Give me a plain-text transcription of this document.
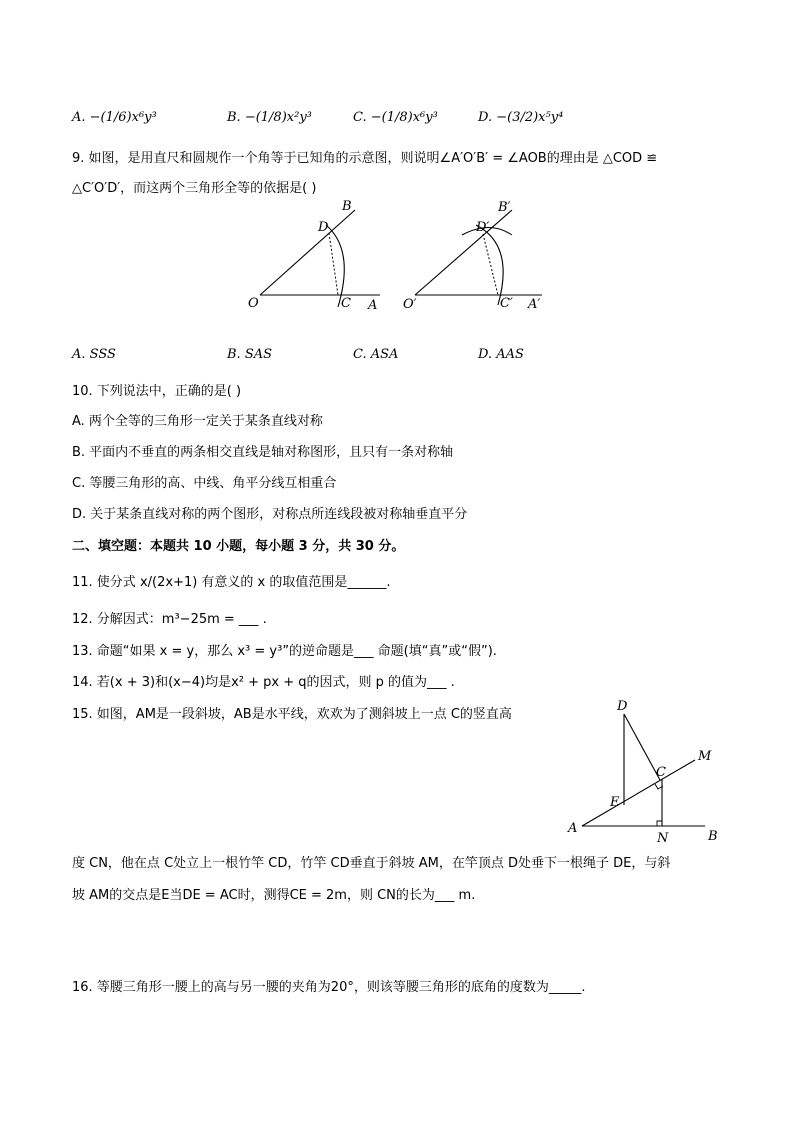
A. −(1/6)x⁶y³	B. −(1/8)x²y³	C. −(1/8)x⁶y³	D. −(3/2)x⁵y⁴
9. 如图，是用直尺和圆规作一个角等于已知角的示意图，则说明∠A′O′B′ = ∠AOB的理由是 △COD ≌
△C′O′D′，而这两个三角形全等的依据是( )
B
D
O	C A
B′
D′
O′	C′ A′
A. SSS	B. SAS	C. ASA	D. AAS
10. 下列说法中，正确的是( )
A. 两个全等的三角形一定关于某条直线对称
B. 平面内不垂直的两条相交直线是轴对称图形，且只有一条对称轴
C. 等腰三角形的高、中线、角平分线互相重合
D. 关于某条直线对称的两个图形，对称点所连线段被对称轴垂直平分
二、填空题：本题共 10 小题，每小题 3 分，共 30 分。
11. 使分式 x/(2x+1) 有意义的 x 的取值范围是______.
12. 分解因式：m³−25m = ___ .
13. 命题“如果 x = y，那么 x³ = y³”的逆命题是___ 命题(填“真”或“假”).
14. 若(x + 3)和(x−4)均是x² + px + q的因式，则 p 的值为___ .
15. 如图，AM是一段斜坡，AB是水平线，欢欢为了测斜坡上一点 C的竖直高
D
M
C
E
A
N	B
度 CN，他在点 C处立上一根竹竿 CD，竹竿 CD垂直于斜坡 AM，在竿顶点 D处垂下一根绳子 DE，与斜
坡 AM的交点是E当DE = AC时，测得CE = 2m，则 CN的长为___ m.
16. 等腰三角形一腰上的高与另一腰的夹角为20°，则该等腰三角形的底角的度数为_____.
